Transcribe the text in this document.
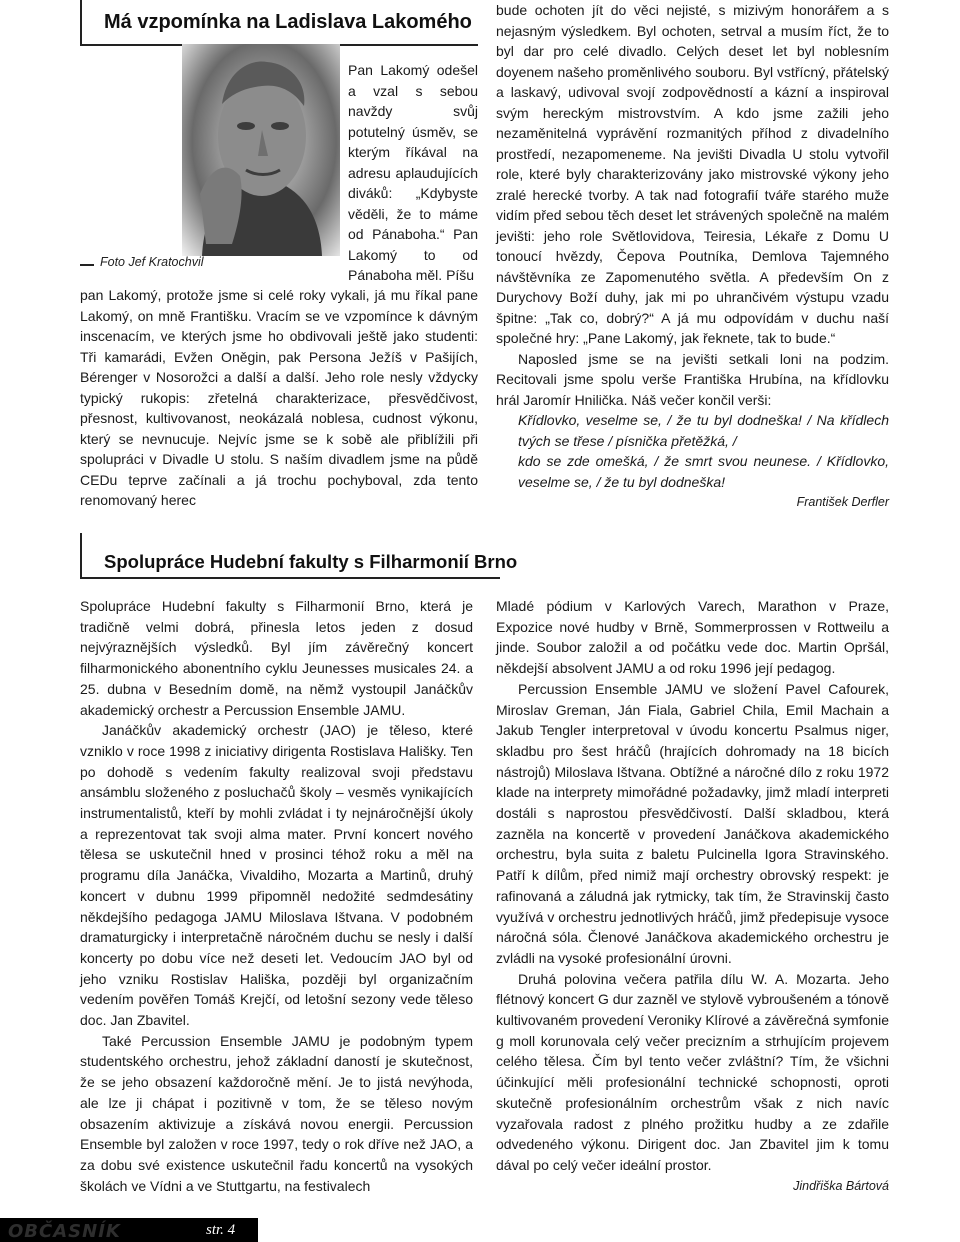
Má vzpomínka na Ladislava Lakomého
Pan Lakomý odešel a vzal s sebou navždy svůj potutelný úsměv, se kterým říkával na adresu aplaudujících diváků: „Kdybyste věděli, že to máme od Pánaboha.“ Pan Lakomý to od Pánaboha měl. Píšu
Foto Jef Kratochvil

pan Lakomý, protože jsme si celé roky vykali, já mu říkal pane Lakomý, on mně Františku. Vracím se ve vzpomínce k dávným inscenacím, ve kterých jsme ho obdivovali ještě jako studenti: Tři kamarádi, Evžen Oněgin, pak Persona Ježíš v Pašijích, Bérenger v Nosorožci a další a další. Jeho role nesly vždycky typický rukopis: zřetelná charakterizace, přesvědčivost, přesnost, kultivovanost, neokázalá noblesa, cudnost výkonu, který se nevnucuje. Nejvíc jsme se k sobě ale přiblížili při spolupráci v Divadle U stolu. S naším divadlem jsme na půdě CEDu teprve začínali a já trochu pochyboval, zda tento renomovaný herec

bude ochoten jít do věci nejisté, s mizivým honorářem a s nejasným výsledkem. Byl ochoten, setrval a musím říct, že to byl dar pro celé divadlo. Celých deset let byl noblesním doyenem našeho proměnlivého souboru. Byl vstřícný, přátelský a laskavý, udivoval svojí zodpovědností a kázní a inspiroval svým hereckým mistrovstvím. A kdo jsme zažili jeho nezaměnitelná vyprávění rozmanitých příhod z divadelního prostředí, nezapomeneme. Na jevišti Divadla U stolu vytvořil role, které byly charakterizovány jako mistrovské výkony jeho zralé herecké tvorby. A tak nad fotografií tváře starého muže vidím před sebou těch deset let strávených společně na malém jevišti: jeho role Světlovidova, Teiresia, Lékaře z Domu U tonoucí hvězdy, Čepova Poutníka, Demlova Tajemného návštěvníka ze Zapomenutého světla. A především On z Durychovy Boží duhy, jak mi po uhrančivém výstupu vzadu špitne: „Tak co, dobrý?“ A já mu odpovídám v duchu naší společné hry: „Pane Lakomý, jak řeknete, tak to bude.“

Naposled jsme se na jevišti setkali loni na podzim. Recitovali jsme spolu verše Františka Hrubína, na křídlovku hrál Jaromír Hnilička. Náš večer končil verši:

Křídlovko, veselme se, / že tu byl dodneška! / Na křídlech tvých se třese / písnička přetěžká, /

kdo se zde omešká, / že smrt svou neunese. / Křídlovko, veselme se, / že tu byl dodneška!

František Derfler

Spolupráce Hudební fakulty s Filharmonií Brno

Spolupráce Hudební fakulty s Filharmonií Brno, která je tradičně velmi dobrá, přinesla letos jeden z dosud nejvýraznějších výsledků. Byl jím závěrečný koncert filharmonického abonentního cyklu Jeunesses musicales 24. a 25. dubna v Besedním domě, na němž vystoupil Janáčkův akademický orchestr a Percussion Ensemble JAMU.

Janáčkův akademický orchestr (JAO) je těleso, které vzniklo v roce 1998 z iniciativy dirigenta Rostislava Hališky. Ten po dohodě s vedením fakulty realizoval svoji představu ansámblu složeného z posluchačů školy – vesměs vynikajících instrumentalistů, kteří by mohli zvládat i ty nejnáročnější úkoly a reprezentovat tak svoji alma mater. První koncert nového tělesa se uskutečnil hned v prosinci téhož roku a měl na programu díla Janáčka, Vivaldiho, Mozarta a Martinů, druhý koncert v dubnu 1999 připomněl nedožité sedmdesátiny někdejšího pedagoga JAMU Miloslava Ištvana. V podobném dramaturgicky i interpretačně náročném duchu se nesly i další koncerty po dobu více než deseti let. Vedoucím JAO byl od jeho vzniku Rostislav Hališka, později byl organizačním vedením pověřen Tomáš Krejčí, od letošní sezony vede těleso doc. Jan Zbavitel.

Také Percussion Ensemble JAMU je podobným typem studentského orchestru, jehož základní daností je skutečnost, že se jeho obsazení každoročně mění. Je to jistá nevýhoda, ale lze ji chápat i pozitivně v tom, že se těleso novým obsazením aktivizuje a získává novou energii. Percussion Ensemble byl založen v roce 1997, tedy o rok dříve než JAO, a za dobu své existence uskutečnil řadu koncertů na vysokých školách ve Vídni a ve Stuttgartu, na festivalech

Mladé pódium v Karlových Varech, Marathon v Praze, Expozice nové hudby v Brně, Sommerprossen v Rottweilu a jinde. Soubor založil a od počátku vede doc. Martin Opršál, někdejší absolvent JAMU a od roku 1996 její pedagog.

Percussion Ensemble JAMU ve složení Pavel Cafourek, Miroslav Greman, Ján Fiala, Gabriel Chila, Emil Machain a Jakub Tengler interpretoval v úvodu koncertu Psalmus niger, skladbu pro šest hráčů (hrajících dohromady na 18 bicích nástrojů) Miloslava Ištvana. Obtížné a náročné dílo z roku 1972 klade na interprety mimořádné požadavky, jimž mladí interpreti dostáli s naprostou přesvědčivostí. Další skladbou, která zazněla na koncertě v provedení Janáčkova akademického orchestru, byla suita z baletu Pulcinella Igora Stravinského. Patří k dílům, před nimiž mají orchestry obrovský respekt: je rafinovaná a záludná jak rytmicky, tak tím, že Stravinskij často využívá v orchestru jednotlivých hráčů, jimž předepisuje vysoce náročná sóla. Členové Janáčkova akademického orchestru je zvládli na vysoké profesionální úrovni.

Druhá polovina večera patřila dílu W. A. Mozarta. Jeho flétnový koncert G dur zazněl ve stylově vybroušeném a tónově kultivovaném provedení Veroniky Klírové a závěrečná symfonie g moll korunovala celý večer precizním a strhujícím projevem celého tělesa. Čím byl tento večer zvláštní? Tím, že všichni účinkující měli profesionální technické schopnosti, oproti skutečně profesionálním orchestrům však z nich navíc vyzařovala radost z plného prožitku hudby a ze zdařile odvedeného výkonu. Dirigent doc. Jan Zbavitel jim k tomu dával po celý večer ideální prostor.

Jindřiška Bártová

OBČASNÍK	str. 4
